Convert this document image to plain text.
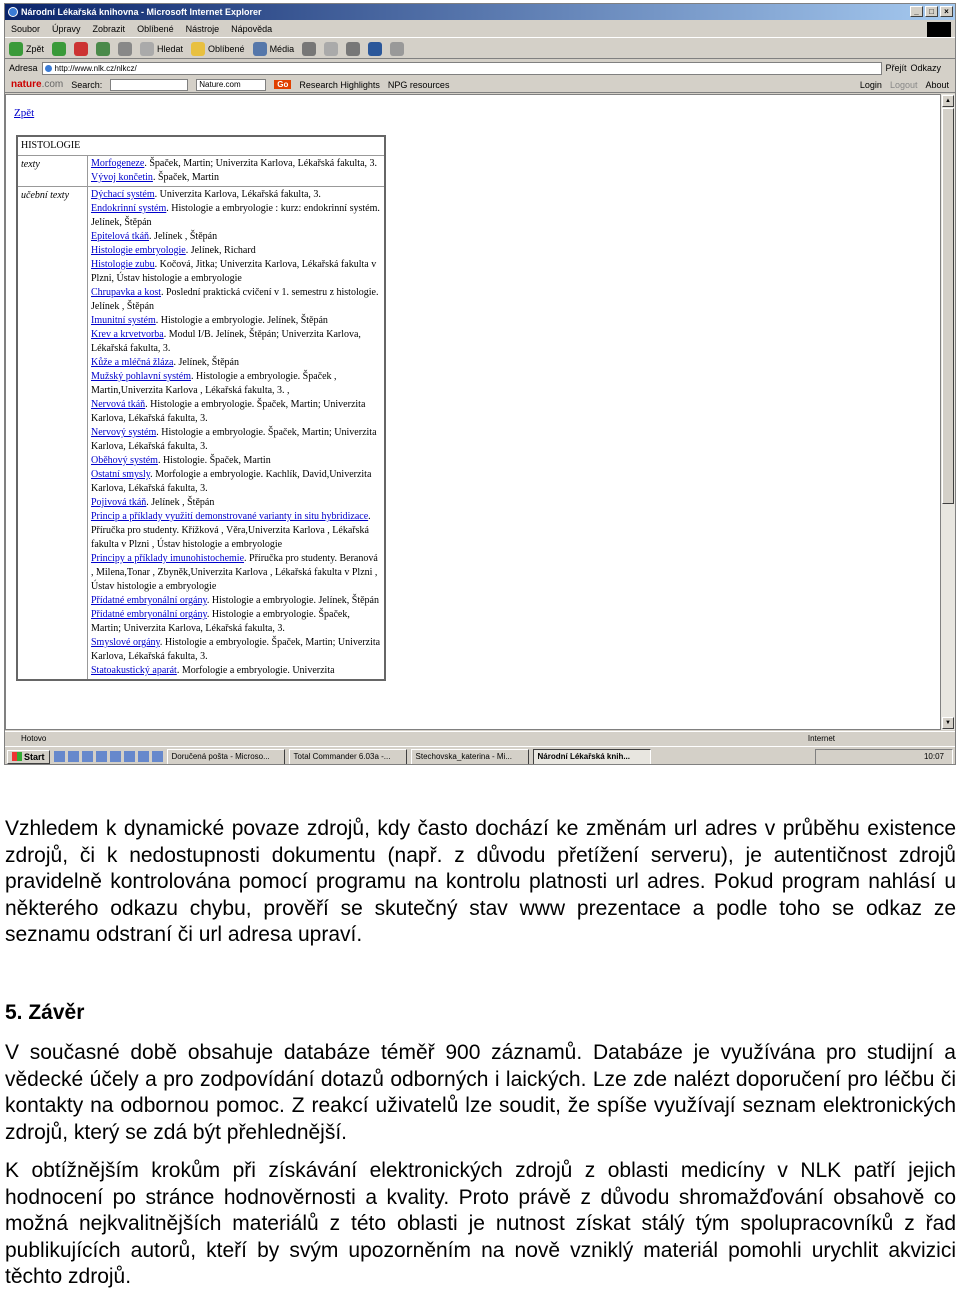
Národní Lékařská knihovna - Microsoft Internet Explorer	_	□	×
Soubor Úpravy Zobrazit Oblíbené Nástroje Nápověda
Zpět	Hledat	Oblíbené	Média
Adresa	http://www.nlk.cz/nlkcz/	Přejít Odkazy
nature.com Search:	Nature.com	Go	Research Highlights NPG resources	Login Logout About
Zpět
HISTOLOGIE
texty	Morfogeneze. Špaček, Martin; Univerzita Karlova, Lékařská fakulta, 3.
Vývoj končetin. Špaček, Martin
učební texty	Dýchací systém. Univerzita Karlova, Lékařská fakulta, 3.
Endokrinní systém. Histologie a embryologie : kurz: endokrinní systém. Jelínek, Štěpán
Epitelová tkáň. Jelínek , Štěpán
Histologie embryologie. Jelínek, Richard
Histologie zubu. Kočová, Jitka; Univerzita Karlova, Lékařská fakulta v Plzni, Ústav histologie a embryologie
Chrupavka a kost. Poslední praktická cvičení v 1. semestru z histologie. Jelínek , Štěpán
Imunitní systém. Histologie a embryologie. Jelínek, Štěpán
Krev a krvetvorba. Modul I/B. Jelínek, Štěpán; Univerzita Karlova, Lékařská fakulta, 3.
Kůže a mléčná žláza. Jelínek, Štěpán
Mužský pohlavní systém. Histologie a embryologie. Špaček , Martin,Univerzita Karlova , Lékařská fakulta, 3. ,
Nervová tkáň. Histologie a embryologie. Špaček, Martin; Univerzita Karlova, Lékařská fakulta, 3.
Nervový systém. Histologie a embryologie. Špaček, Martin; Univerzita Karlova, Lékařská fakulta, 3.
Oběhový systém. Histologie. Špaček, Martin
Ostatní smysly. Morfologie a embryologie. Kachlík, David,Univerzita Karlova, Lékařská fakulta, 3.
Pojivová tkáň. Jelínek , Štěpán
Princip a příklady využití demonstrované varianty in situ hybridizace. Příručka pro studenty. Křížková , Věra,Univerzita Karlova , Lékařská fakulta v Plzni , Ústav histologie a embryologie
Principy a příklady imunohistochemie. Příručka pro studenty. Beranová , Milena,Tonar , Zbyněk,Univerzita Karlova , Lékařská fakulta v Plzni , Ústav histologie a embryologie
Přídatné embryonální orgány. Histologie a embryologie. Jelínek, Štěpán
Přídatné embryonální orgány. Histologie a embryologie. Špaček, Martin; Univerzita Karlova, Lékařská fakulta, 3.
Smyslové orgány. Histologie a embryologie. Špaček, Martin; Univerzita Karlova, Lékařská fakulta, 3.
Statoakustický aparát. Morfologie a embryologie. Univerzita
▲
▼
Hotovo	Internet
Start	Doručená pošta - Microso...	Total Commander 6.03a -...	Stechovska_katerina - Mi...	Národní Lékařská knih...	10:07

Vzhledem k dynamické povaze zdrojů, kdy často dochází ke změnám url adres v průběhu existence zdrojů, či k nedostupnosti dokumentu (např. z důvodu přetížení serveru), je autentičnost zdrojů pravidelně kontrolována pomocí programu na kontrolu platnosti url adres. Pokud program nahlásí u některého odkazu chybu, prověří se skutečný stav www prezentace a podle toho se odkaz ze seznamu odstraní či url adresa upraví.

5. Závěr

V současné době obsahuje databáze téměř 900 záznamů. Databáze je využívána pro studijní a vědecké účely a pro zodpovídání dotazů odborných i laických. Lze zde nalézt doporučení pro léčbu či kontakty na odbornou pomoc. Z reakcí uživatelů lze soudit, že spíše využívají seznam elektronických zdrojů, který se zdá být přehlednější.

K obtížnějším krokům při získávání elektronických zdrojů z oblasti medicíny v NLK patří jejich hodnocení po stránce hodnověrnosti a kvality. Proto právě z důvodu shromažďování obsahově co možná nejkvalitnějších materiálů z této oblasti je nutnost získat stálý tým spolupracovníků z řad publikujících autorů, kteří by svým upozorněním na nově vzniklý materiál pomohli urychlit akvizici těchto zdrojů.
